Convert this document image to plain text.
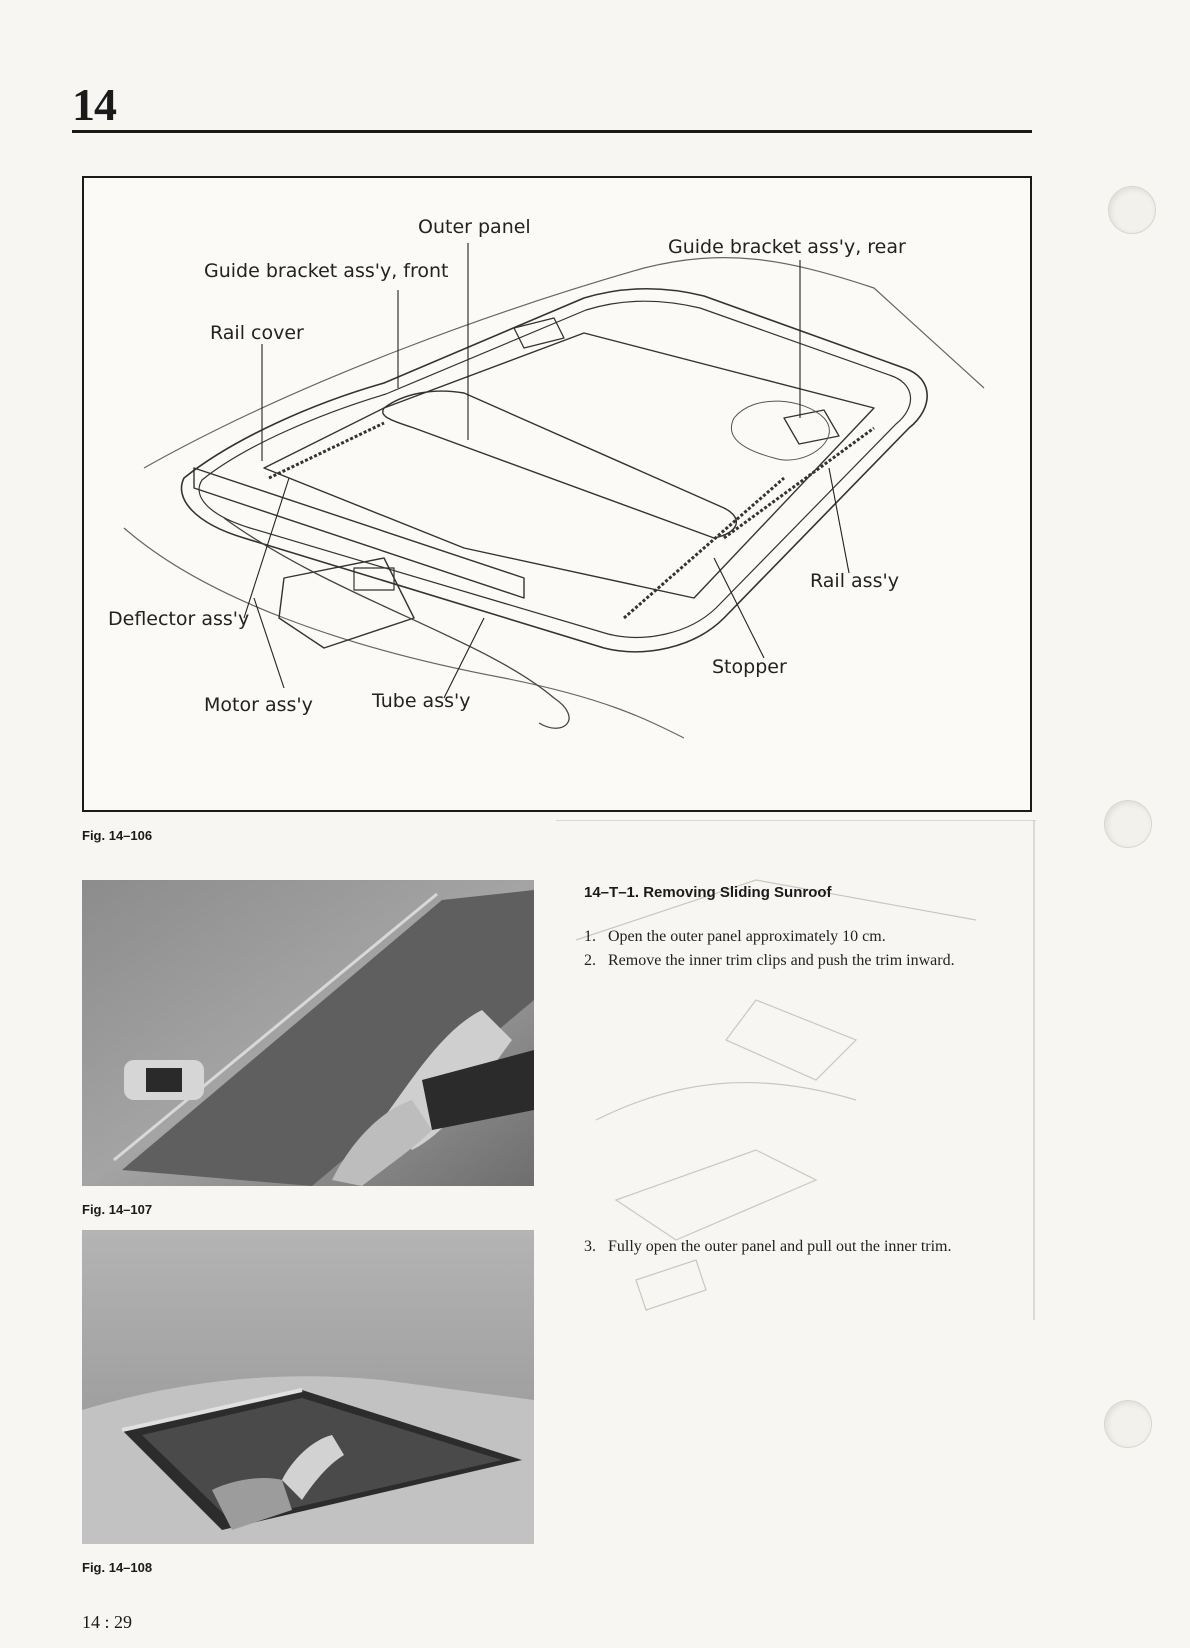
14
Outer panel
Guide bracket ass'y, front
Guide bracket ass'y, rear
Rail cover
Rail ass'y
Deflector ass'y
Stopper
Motor ass'y	Tube ass'y
Fig. 14–106
Fig. 14–107
Fig. 14–108
14–T–1. Removing Sliding Sunroof
1. Open the outer panel approximately 10 cm.
2. Remove the inner trim clips and push the trim inward.
3. Fully open the outer panel and pull out the inner trim.
14 : 29
